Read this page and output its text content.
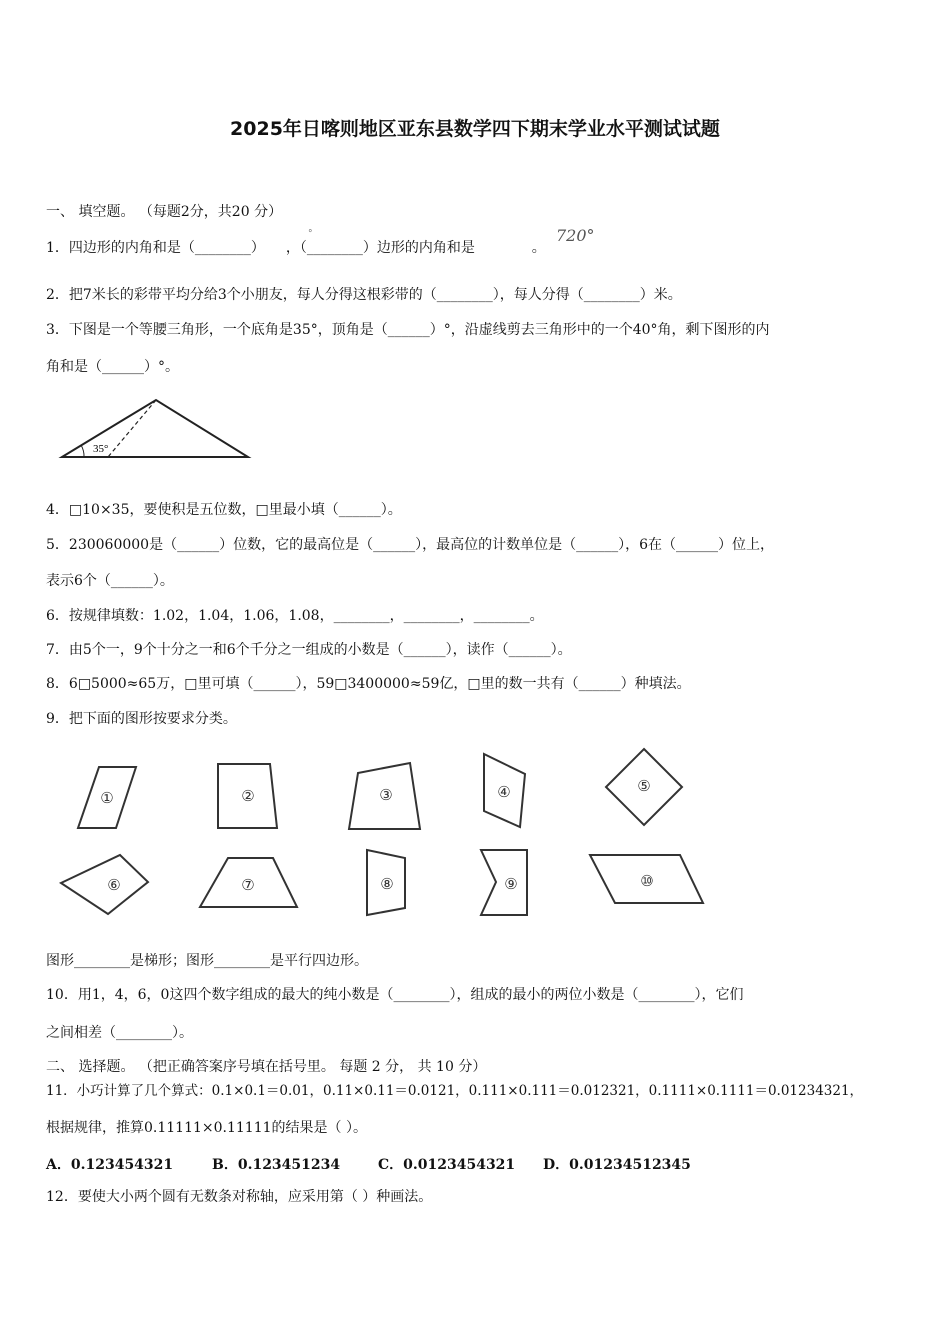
2025年日喀则地区亚东县数学四下期末学业水平测试试题
一、 填空题。 （每题2分，共20 分）
1．四边形的内角和是（________） ，（________）边形的内角和是	。
°	720°
2．把7米长的彩带平均分给3个小朋友，每人分得这根彩带的（________），每人分得（________）米。
3．下图是一个等腰三角形，一个底角是35°，顶角是（______）°，沿虚线剪去三角形中的一个40°角，剩下图形的内
角和是（______）°。
35°
4．□10×35，要使积是五位数，□里最小填（______）。
5．230060000是（______）位数，它的最高位是（______），最高位的计数单位是（______），6在（______）位上，
表示6个（______）。
6．按规律填数：1.02，1.04，1.06，1.08，________，________，________。
7．由5个一，9个十分之一和6个千分之一组成的小数是（______），读作（______）。
8．6□5000≈65万，□里可填（______），59□3400000≈59亿，□里的数一共有（______）种填法。
9．把下面的图形按要求分类。
①	②	③	④	⑤
⑥	⑦	⑧	⑨	⑩
图形________是梯形；图形________是平行四边形。
10．用1，4，6，0这四个数字组成的最大的纯小数是（________），组成的最小的两位小数是（________），它们
之间相差（________）。
二、 选择题。 （把正确答案序号填在括号里。 每题 2 分， 共 10 分）
11．小巧计算了几个算式：0.1×0.1＝0.01，0.11×0.11＝0.0121，0.111×0.111＝0.012321，0.1111×0.1111＝0.01234321，
根据规律，推算0.11111×0.11111的结果是（ ）。
A．0.123454321	B．0.123451234	C．0.0123454321 D．0.01234512345
12．要使大小两个圆有无数条对称轴，应采用第（ ）种画法。
